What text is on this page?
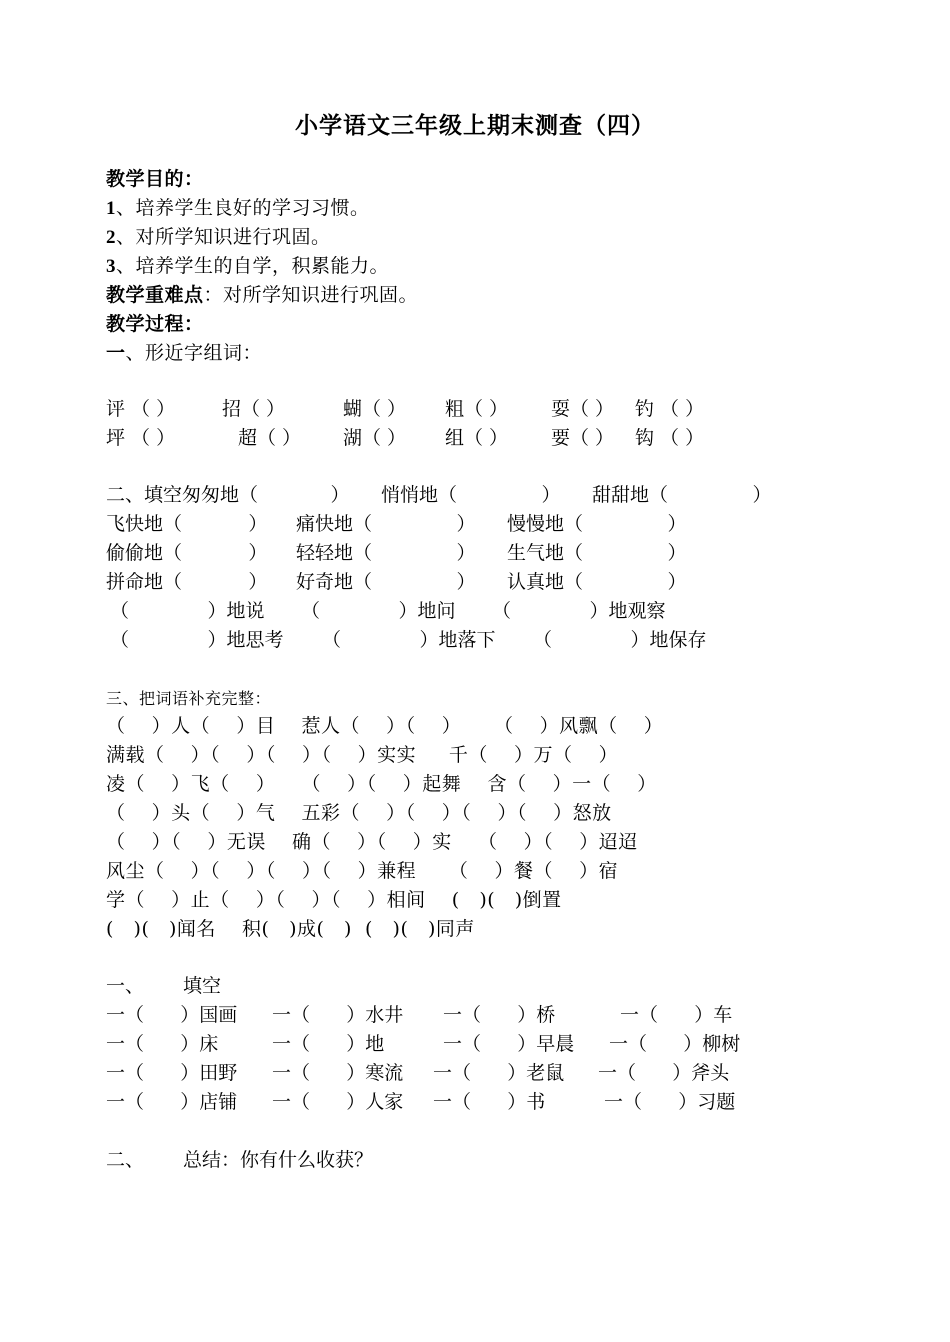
小学语文三年级上期末测查（四）
教学目的：
1、培养学生良好的学习习惯。
2、对所学知识进行巩固。
3、培养学生的自学，积累能力。
教学重难点：对所学知识进行巩固。
教学过程：
一、形近字组词：
评 （ ） 招（ ）	蝴（ ） 粗（ ） 耍（ ） 钓 （ ）
坪 （ ）	超（ ） 湖（ ） 组（ ） 要（ ） 钩 （ ）
二、填空匆匆地（            ） 悄悄地（              ） 甜甜地（              ）
飞快地（           ） 痛快地（              ） 慢慢地（              ）
偷偷地（           ） 轻轻地（              ） 生气地（              ）
拼命地（           ） 好奇地（              ） 认真地（              ）
（             ）地说 （             ）地问 （             ）地观察
（             ）地思考 （             ）地落下 （             ）地保存
三、把词语补充完整：
（    ）人（    ）目    惹人（    ）（    ）     （    ）风飘（    ）
满载（    ）（    ）（    ）（    ）实实     千（    ）万（    ）
凌（    ）飞（    ）    （    ）（    ）起舞    含（    ）一（    ）
（    ）头（    ）气    五彩（    ）（    ）（    ）（    ）怒放
（    ）（    ）无误    确（    ）（    ）实    （    ）（    ）迢迢
风尘（    ）（    ）（    ）（    ）兼程     （    ）餐（    ）宿
学（    ）止（    ）（    ）（    ）相间    (   )(   )倒置
(   )(   )闻名    积(   )成(   )  (   )(   )同声
一、 填空
一（      ）国画 一（      ）水井 一（      ）桥	一（      ）车
一（      ）床	一（      ）地	一（      ）早晨 一（      ）柳树
一（      ）田野 一（      ）寒流 一（      ）老鼠 一（      ）斧头
一（      ）店铺 一（      ）人家 一（      ）书	一（      ）习题
二、 总结：你有什么收获？
